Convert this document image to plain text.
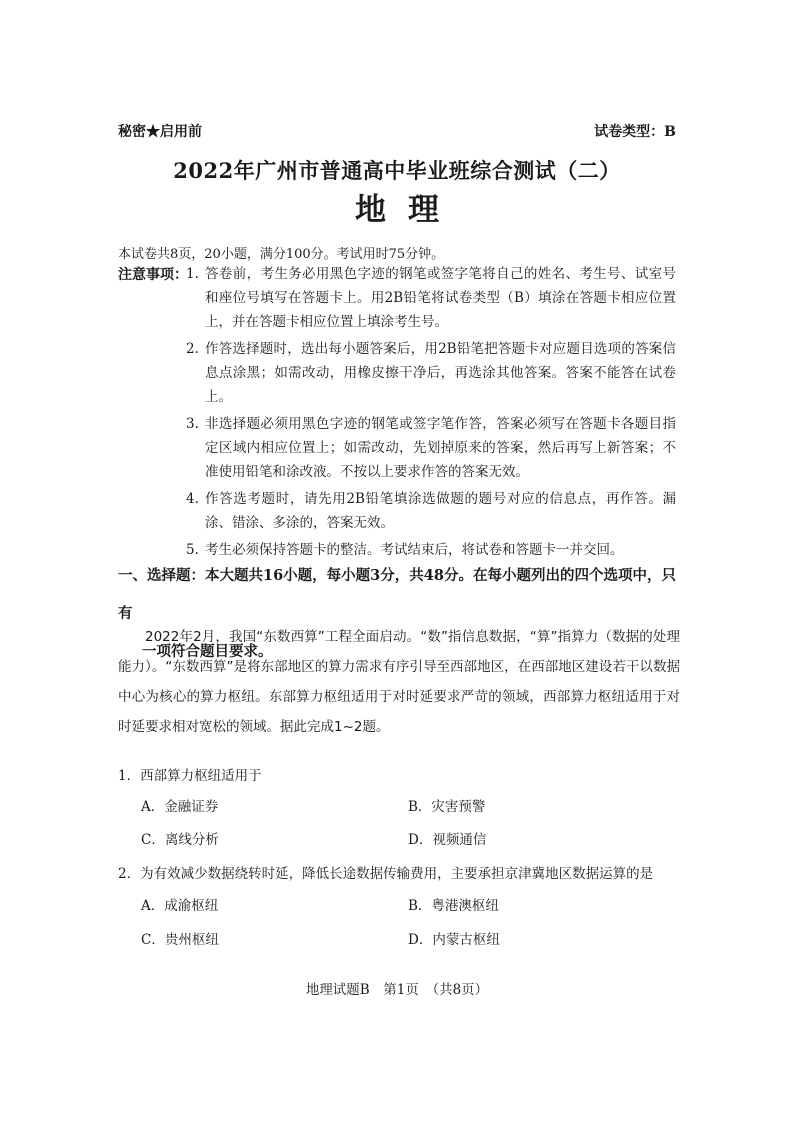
秘密★启用前	试卷类型：B
2022年广州市普通高中毕业班综合测试（二）
地理
本试卷共8页，20小题，满分100分。考试用时75分钟。
注意事项：
1. 答卷前，考生务必用黑色字迹的钢笔或签字笔将自己的姓名、考生号、试室号和座位号填写在答题卡上。用2B铅笔将试卷类型（B）填涂在答题卡相应位置上，并在答题卡相应位置上填涂考生号。
2. 作答选择题时，选出每小题答案后，用2B铅笔把答题卡对应题目选项的答案信息点涂黑；如需改动，用橡皮擦干净后，再选涂其他答案。答案不能答在试卷上。
3. 非选择题必须用黑色字迹的钢笔或签字笔作答，答案必须写在答题卡各题目指定区域内相应位置上；如需改动，先划掉原来的答案，然后再写上新答案；不准使用铅笔和涂改液。不按以上要求作答的答案无效。
4. 作答选考题时，请先用2B铅笔填涂选做题的题号对应的信息点，再作答。漏涂、错涂、多涂的，答案无效。
5. 考生必须保持答题卡的整洁。考试结束后，将试卷和答题卡一并交回。
一、选择题：本大题共16小题，每小题3分，共48分。在每小题列出的四个选项中，只有
一项符合题目要求。
2022年2月，我国“东数西算”工程全面启动。“数”指信息数据，“算”指算力（数据的处理能力）。“东数西算”是将东部地区的算力需求有序引导至西部地区，在西部地区建设若干以数据中心为核心的算力枢纽。东部算力枢纽适用于对时延要求严苛的领域，西部算力枢纽适用于对时延要求相对宽松的领域。据此完成1~2题。
1．西部算力枢纽适用于
A．金融证券	B．灾害预警
C．离线分析	D．视频通信
2．为有效减少数据绕转时延，降低长途数据传输费用，主要承担京津冀地区数据运算的是
A．成渝枢纽	B．粤港澳枢纽
C．贵州枢纽	D．内蒙古枢纽
地理试题B　第1页　（共8页）
